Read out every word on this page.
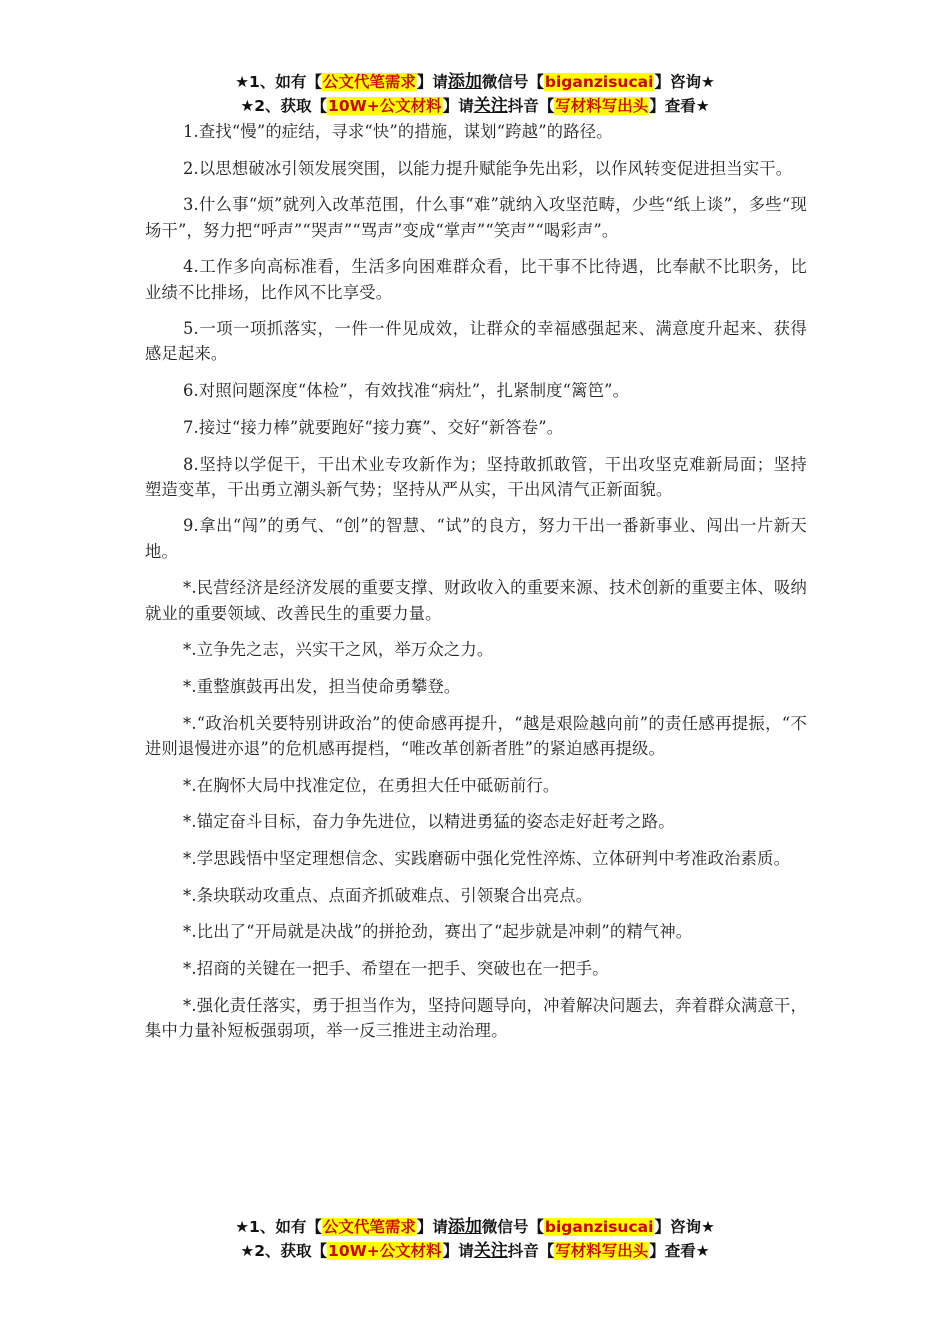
★1、如有【公文代笔需求】请添加微信号【biganzisucai】咨询★
★2、获取【10W+公文材料】请关注抖音【写材料写出头】查看★

1.查找“慢”的症结，寻求“快”的措施，谋划“跨越”的路径。

2.以思想破冰引领发展突围，以能力提升赋能争先出彩，以作风转变促进担当实干。

3.什么事“烦”就列入改革范围，什么事“难”就纳入攻坚范畴，少些“纸上谈”，多些“现场干”，努力把“呼声”“哭声”“骂声”变成“掌声”“笑声”“喝彩声”。

4.工作多向高标准看，生活多向困难群众看，比干事不比待遇，比奉献不比职务，比业绩不比排场，比作风不比享受。

5.一项一项抓落实，一件一件见成效，让群众的幸福感强起来、满意度升起来、获得感足起来。

6.对照问题深度“体检”，有效找准“病灶”，扎紧制度“篱笆”。

7.接过“接力棒”就要跑好“接力赛”、交好“新答卷”。

8.坚持以学促干，干出术业专攻新作为；坚持敢抓敢管，干出攻坚克难新局面；坚持塑造变革，干出勇立潮头新气势；坚持从严从实，干出风清气正新面貌。

9.拿出“闯”的勇气、“创”的智慧、“试”的良方，努力干出一番新事业、闯出一片新天地。

*.民营经济是经济发展的重要支撑、财政收入的重要来源、技术创新的重要主体、吸纳就业的重要领域、改善民生的重要力量。

*.立争先之志，兴实干之风，举万众之力。

*.重整旗鼓再出发，担当使命勇攀登。

*.“政治机关要特别讲政治”的使命感再提升，“越是艰险越向前”的责任感再提振，“不进则退慢进亦退”的危机感再提档，“唯改革创新者胜”的紧迫感再提级。

*.在胸怀大局中找准定位，在勇担大任中砥砺前行。

*.锚定奋斗目标，奋力争先进位，以精进勇猛的姿态走好赶考之路。

*.学思践悟中坚定理想信念、实践磨砺中强化党性淬炼、立体研判中考准政治素质。

*.条块联动攻重点、点面齐抓破难点、引领聚合出亮点。

*.比出了“开局就是决战”的拼抢劲，赛出了“起步就是冲刺”的精气神。

*.招商的关键在一把手、希望在一把手、突破也在一把手。

*.强化责任落实，勇于担当作为，坚持问题导向，冲着解决问题去，奔着群众满意干，集中力量补短板强弱项，举一反三推进主动治理。

★1、如有【公文代笔需求】请添加微信号【biganzisucai】咨询★
★2、获取【10W+公文材料】请关注抖音【写材料写出头】查看★
